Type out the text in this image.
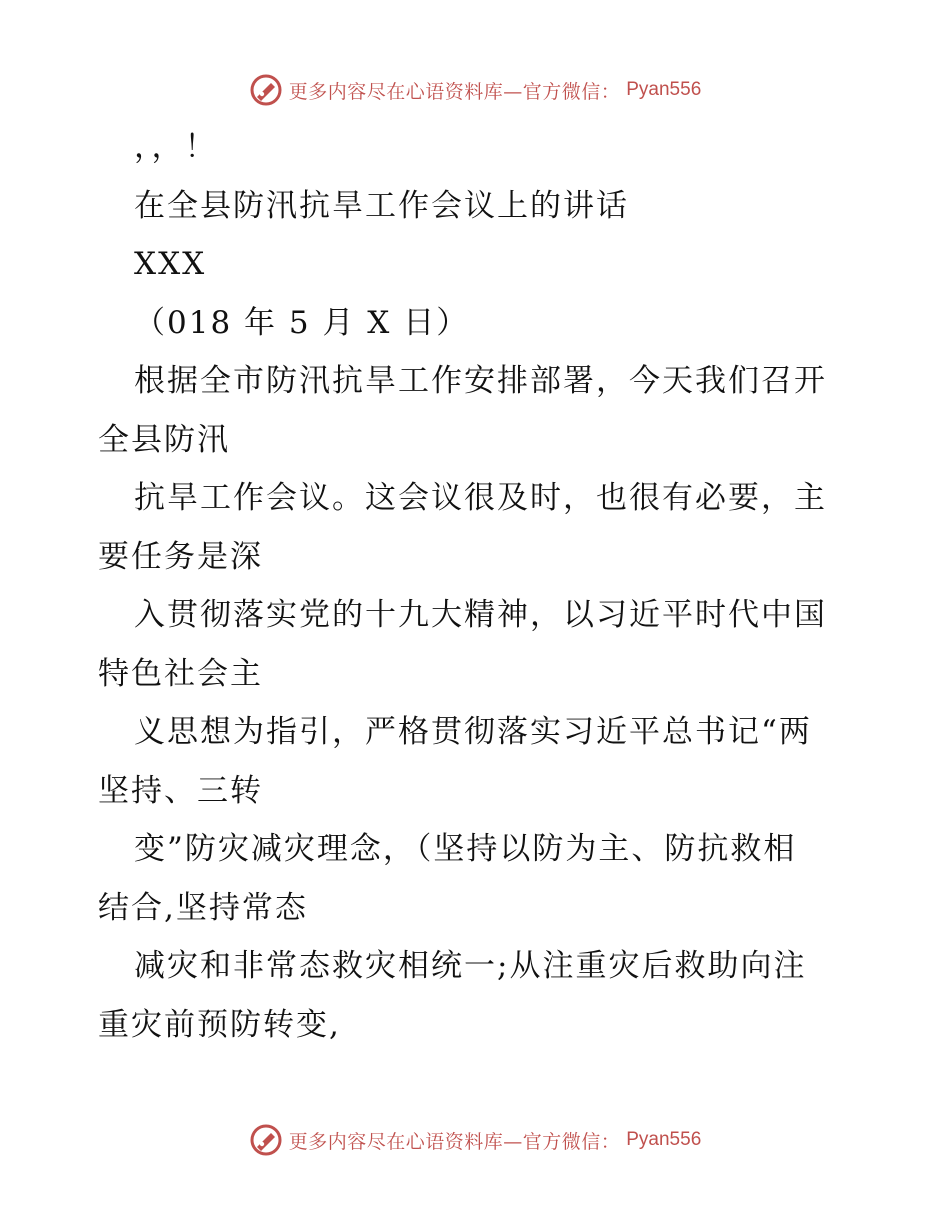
更多内容尽在心语资料库—官方微信： Pyan556
，，！
在全县防汛抗旱工作会议上的讲话
XXX
（018 年 5 月 X 日）
根据全市防汛抗旱工作安排部署，今天我们召开
全县防汛
抗旱工作会议。这会议很及时，也很有必要，主
要任务是深
入贯彻落实党的十九大精神，以习近平时代中国
特色社会主
义思想为指引，严格贯彻落实习近平总书记“两
坚持、三转
变”防灾减灾理念，（坚持以防为主、防抗救相
结合,坚持常态
减灾和非常态救灾相统一;从注重灾后救助向注
重灾前预防转变,
更多内容尽在心语资料库—官方微信： Pyan556
